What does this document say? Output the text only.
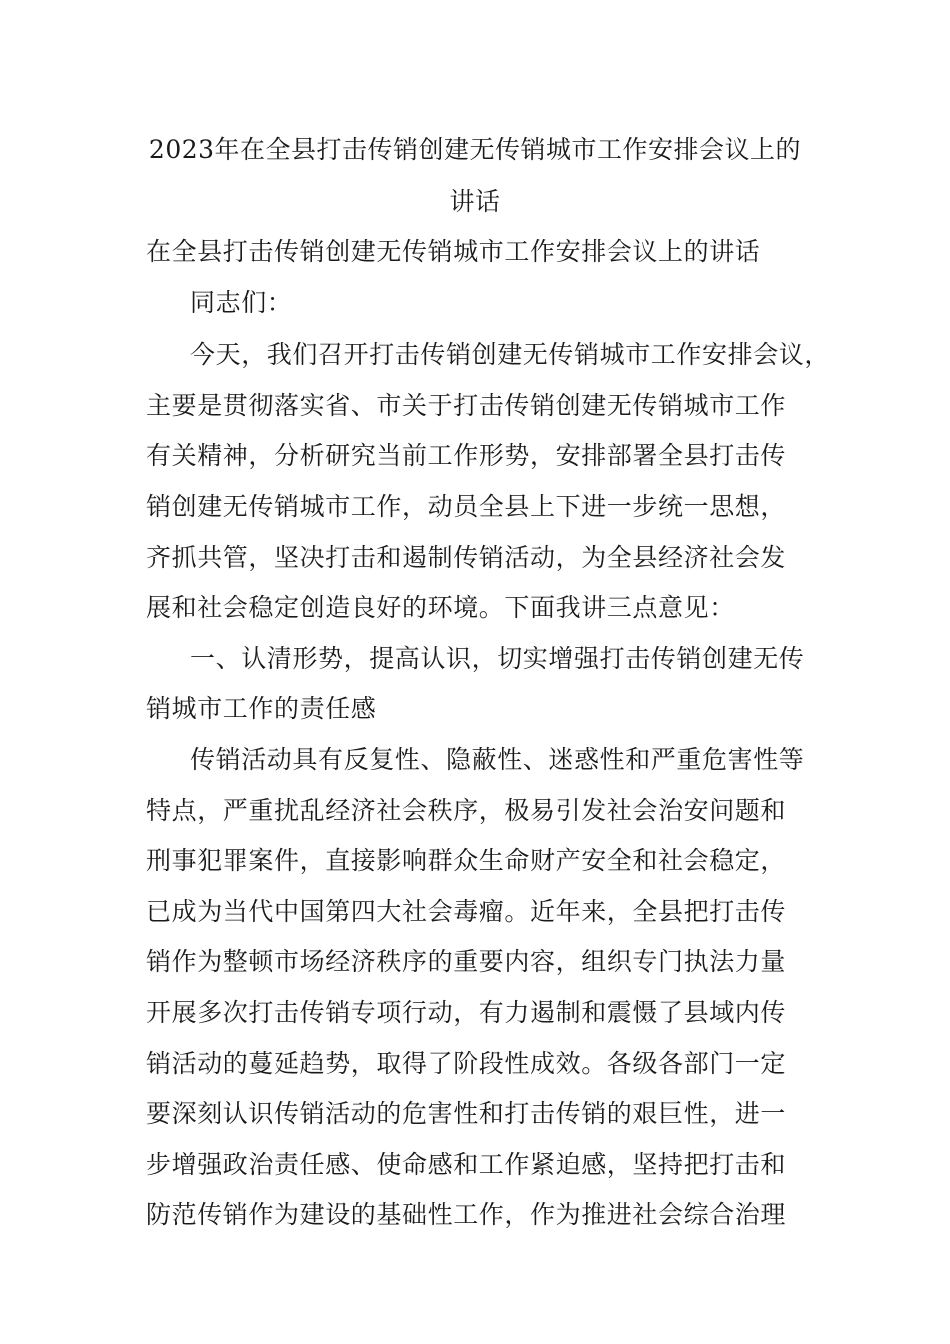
2023年在全县打击传销创建无传销城市工作安排会议上的
讲话
在全县打击传销创建无传销城市工作安排会议上的讲话
同志们：
今天，我们召开打击传销创建无传销城市工作安排会议，
主要是贯彻落实省、市关于打击传销创建无传销城市工作
有关精神，分析研究当前工作形势，安排部署全县打击传
销创建无传销城市工作，动员全县上下进一步统一思想，
齐抓共管，坚决打击和遏制传销活动，为全县经济社会发
展和社会稳定创造良好的环境。下面我讲三点意见：
一、认清形势，提高认识，切实增强打击传销创建无传
销城市工作的责任感
传销活动具有反复性、隐蔽性、迷惑性和严重危害性等
特点，严重扰乱经济社会秩序，极易引发社会治安问题和
刑事犯罪案件，直接影响群众生命财产安全和社会稳定，
已成为当代中国第四大社会毒瘤。近年来，全县把打击传
销作为整顿市场经济秩序的重要内容，组织专门执法力量
开展多次打击传销专项行动，有力遏制和震慑了县域内传
销活动的蔓延趋势，取得了阶段性成效。各级各部门一定
要深刻认识传销活动的危害性和打击传销的艰巨性，进一
步增强政治责任感、使命感和工作紧迫感，坚持把打击和
防范传销作为建设的基础性工作，作为推进社会综合治理
